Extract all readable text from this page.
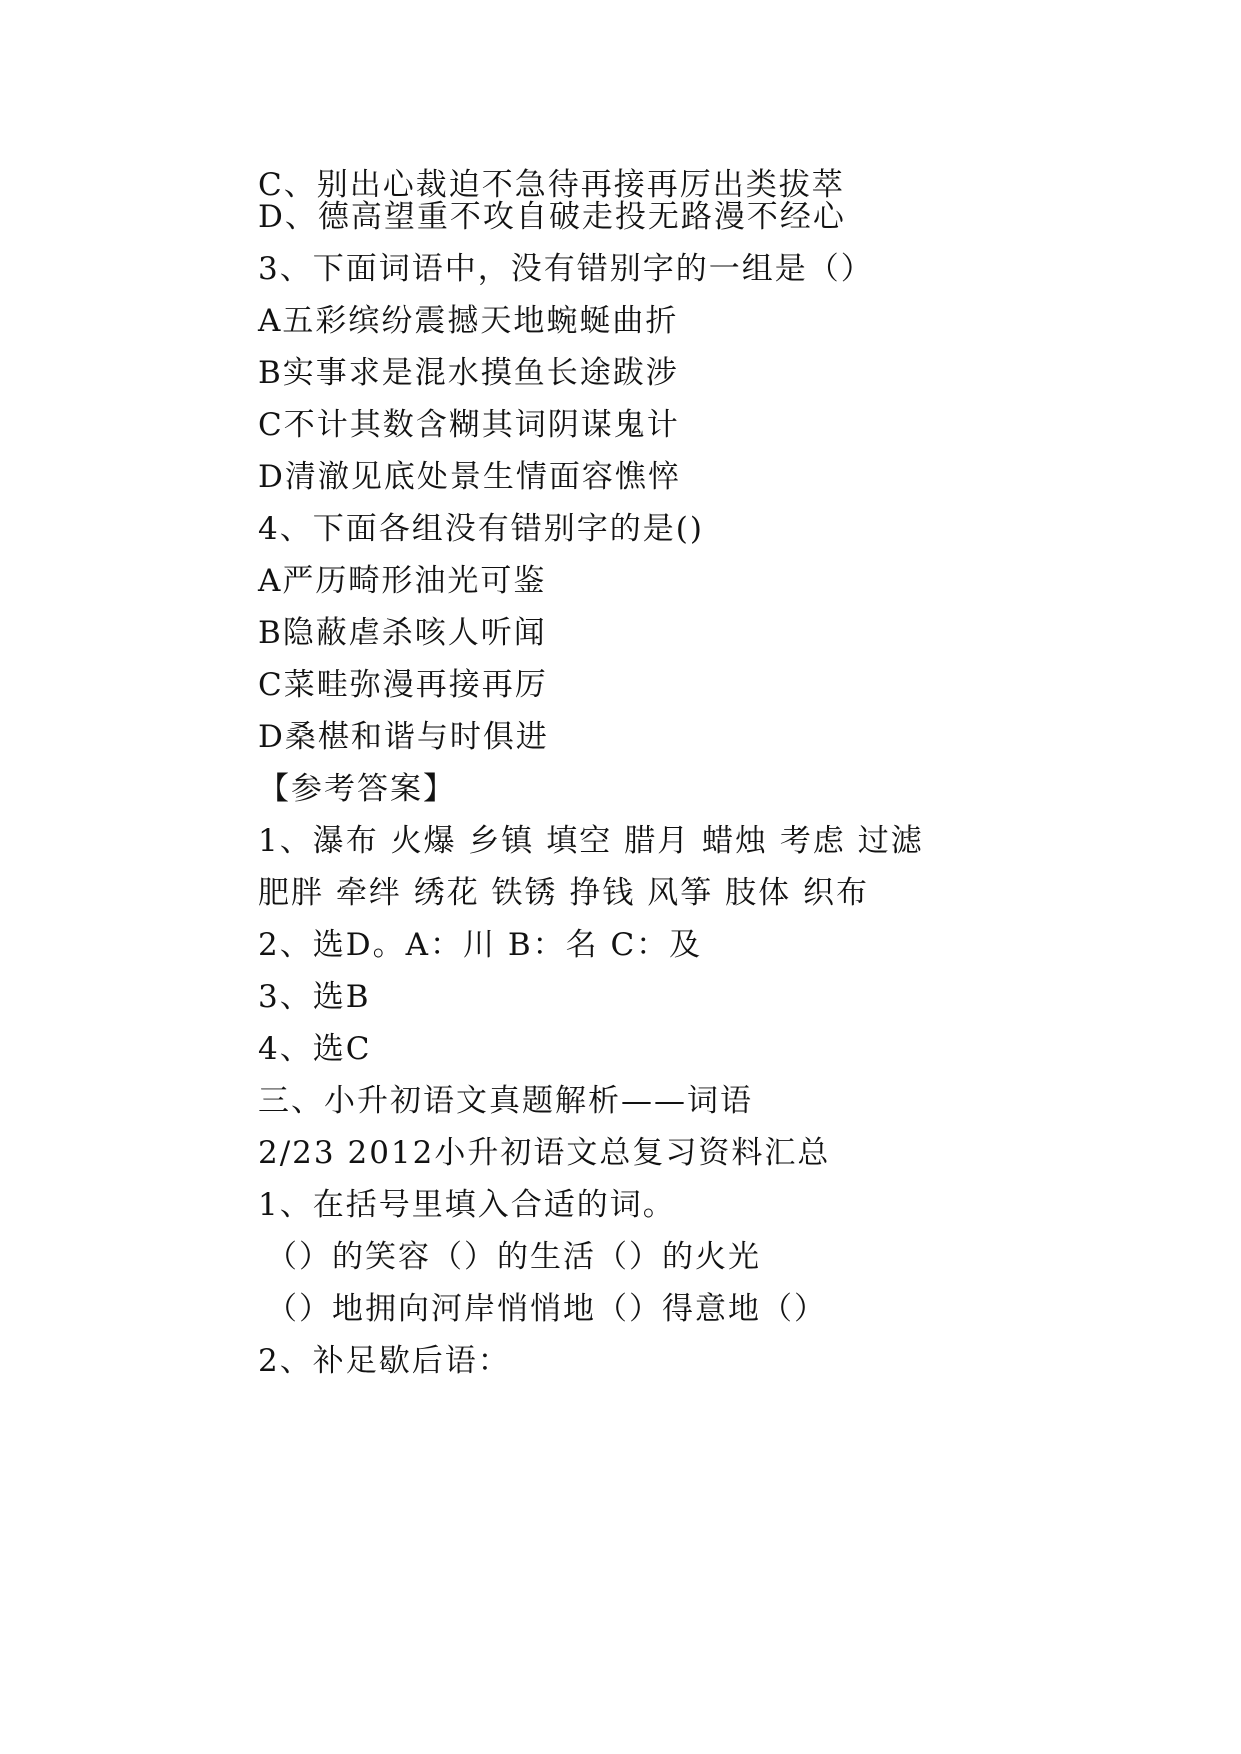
C、别出心裁迫不急待再接再厉出类拔萃
D、德高望重不攻自破走投无路漫不经心
3、下面词语中，没有错别字的一组是（）
A五彩缤纷震撼天地蜿蜒曲折
B实事求是混水摸鱼长途跋涉
C不计其数含糊其词阴谋鬼计
D清澈见底处景生情面容憔悴
4、下面各组没有错别字的是()
A严历畸形油光可鉴
B隐蔽虐杀咳人听闻
C菜畦弥漫再接再厉
D桑椹和谐与时俱进
【参考答案】
1、瀑布 火爆 乡镇 填空 腊月 蜡烛 考虑 过滤
肥胖 牵绊 绣花 铁锈 挣钱 风筝 肢体 织布
2、选D。A：川 B：名 C：及
3、选B
4、选C
三、小升初语文真题解析——词语
2/23 2012小升初语文总复习资料汇总
1、在括号里填入合适的词。
（）的笑容（）的生活（）的火光
（）地拥向河岸悄悄地（）得意地（）
2、补足歇后语：
